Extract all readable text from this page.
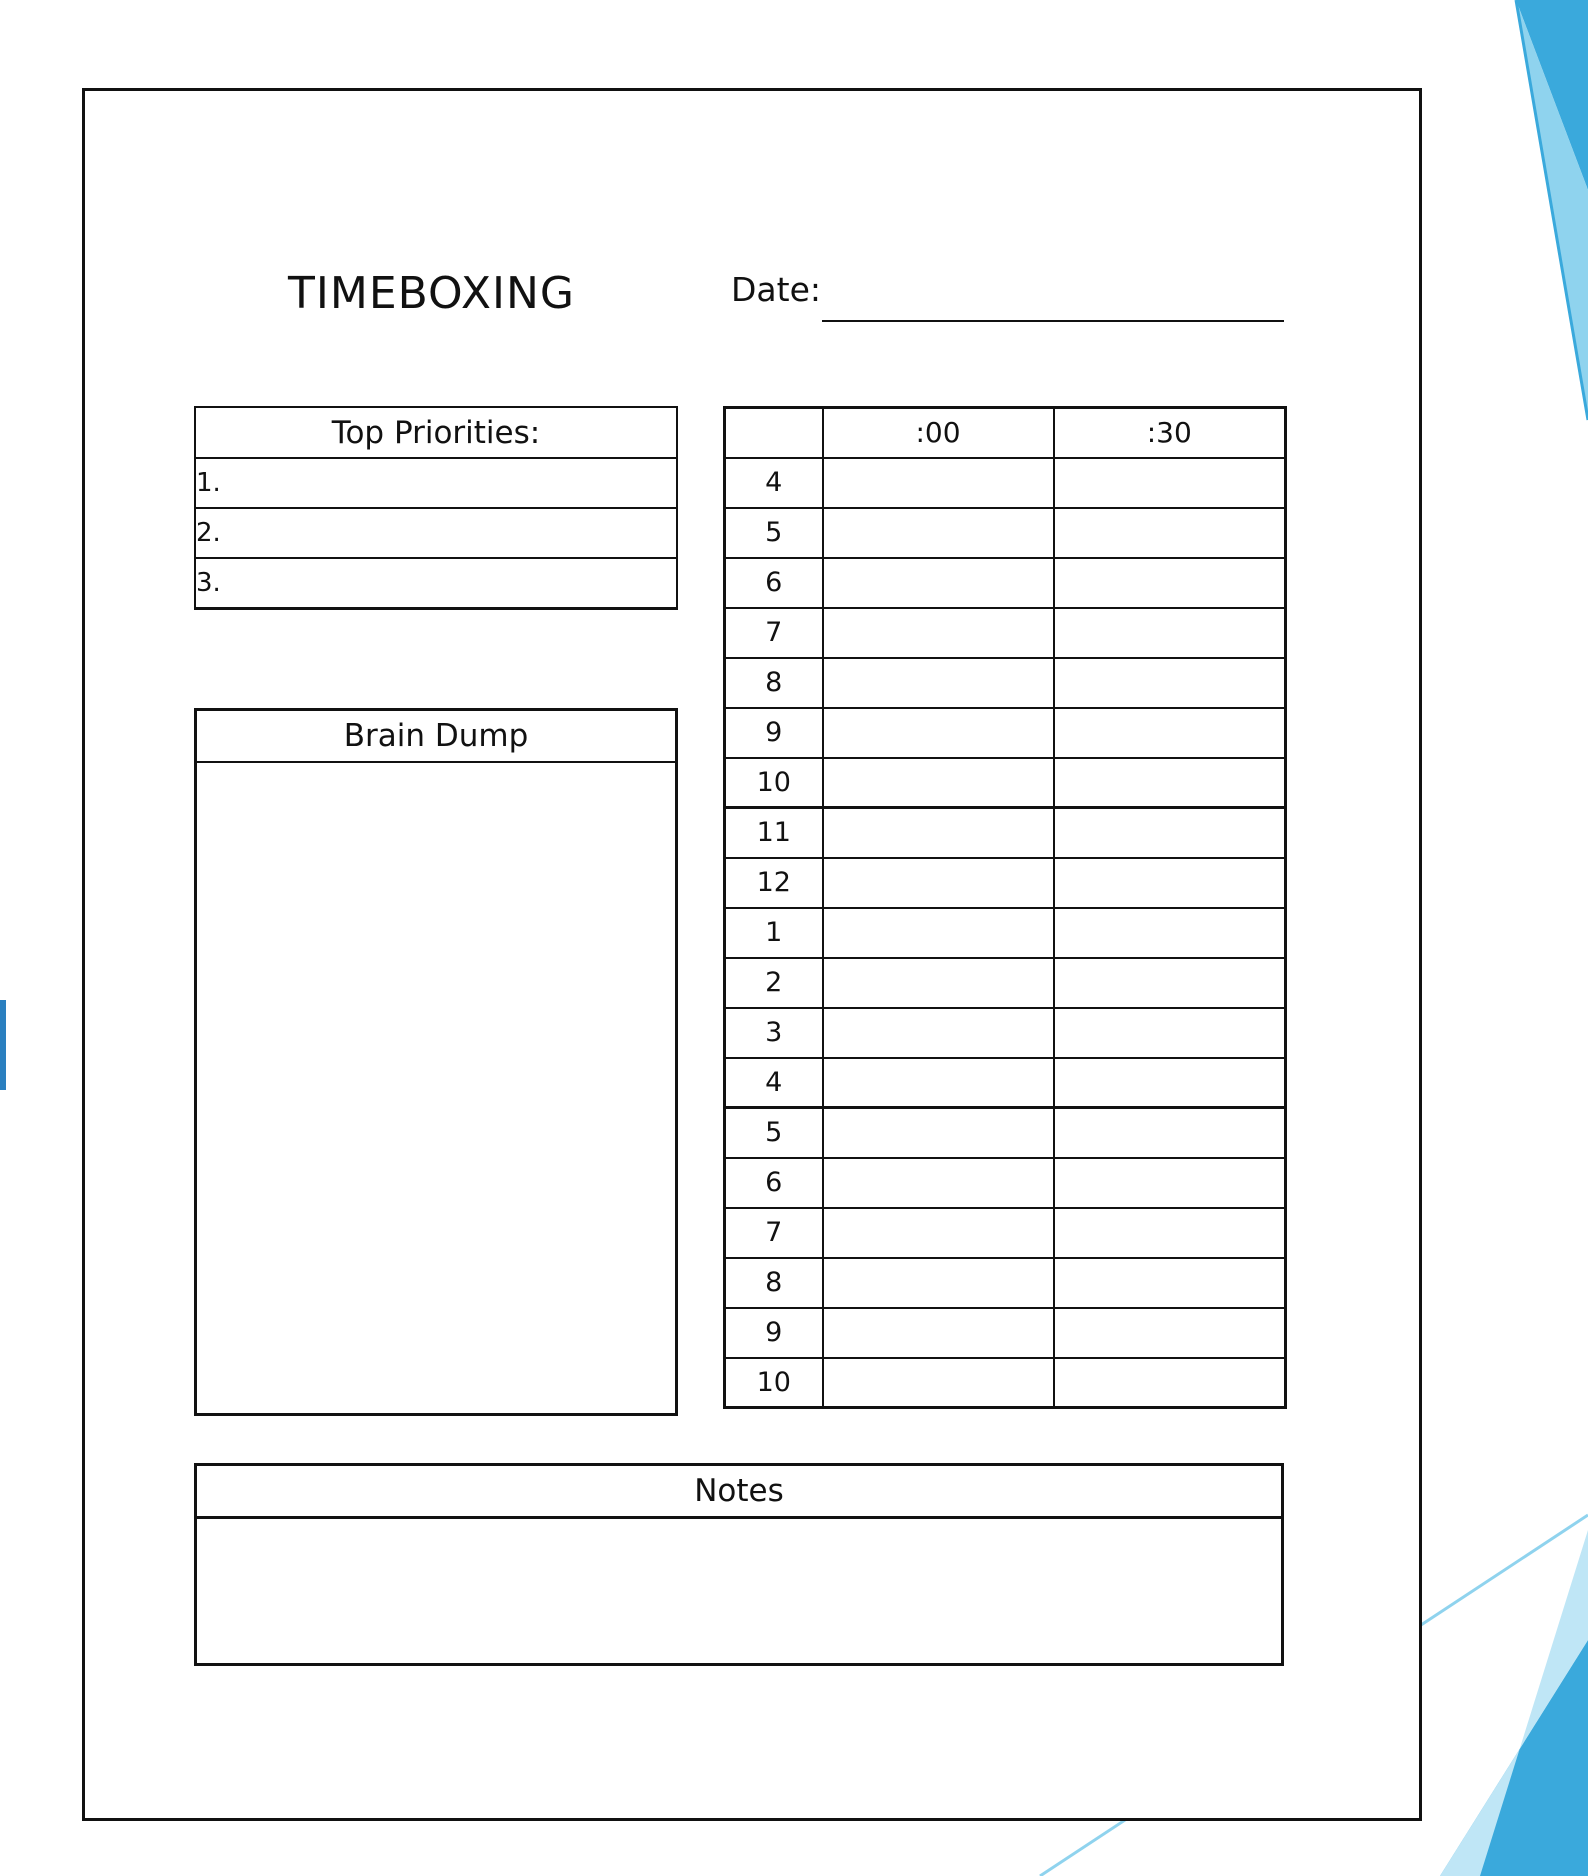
TIMEBOXING	Date:
Top Priorities:
1.
2.
3.
Brain Dump
	:00	:30
4		
5		
6		
7		
8		
9		
10		
11		
12		
1		
2		
3		
4		
5		
6		
7		
8		
9		
10		
Notes
